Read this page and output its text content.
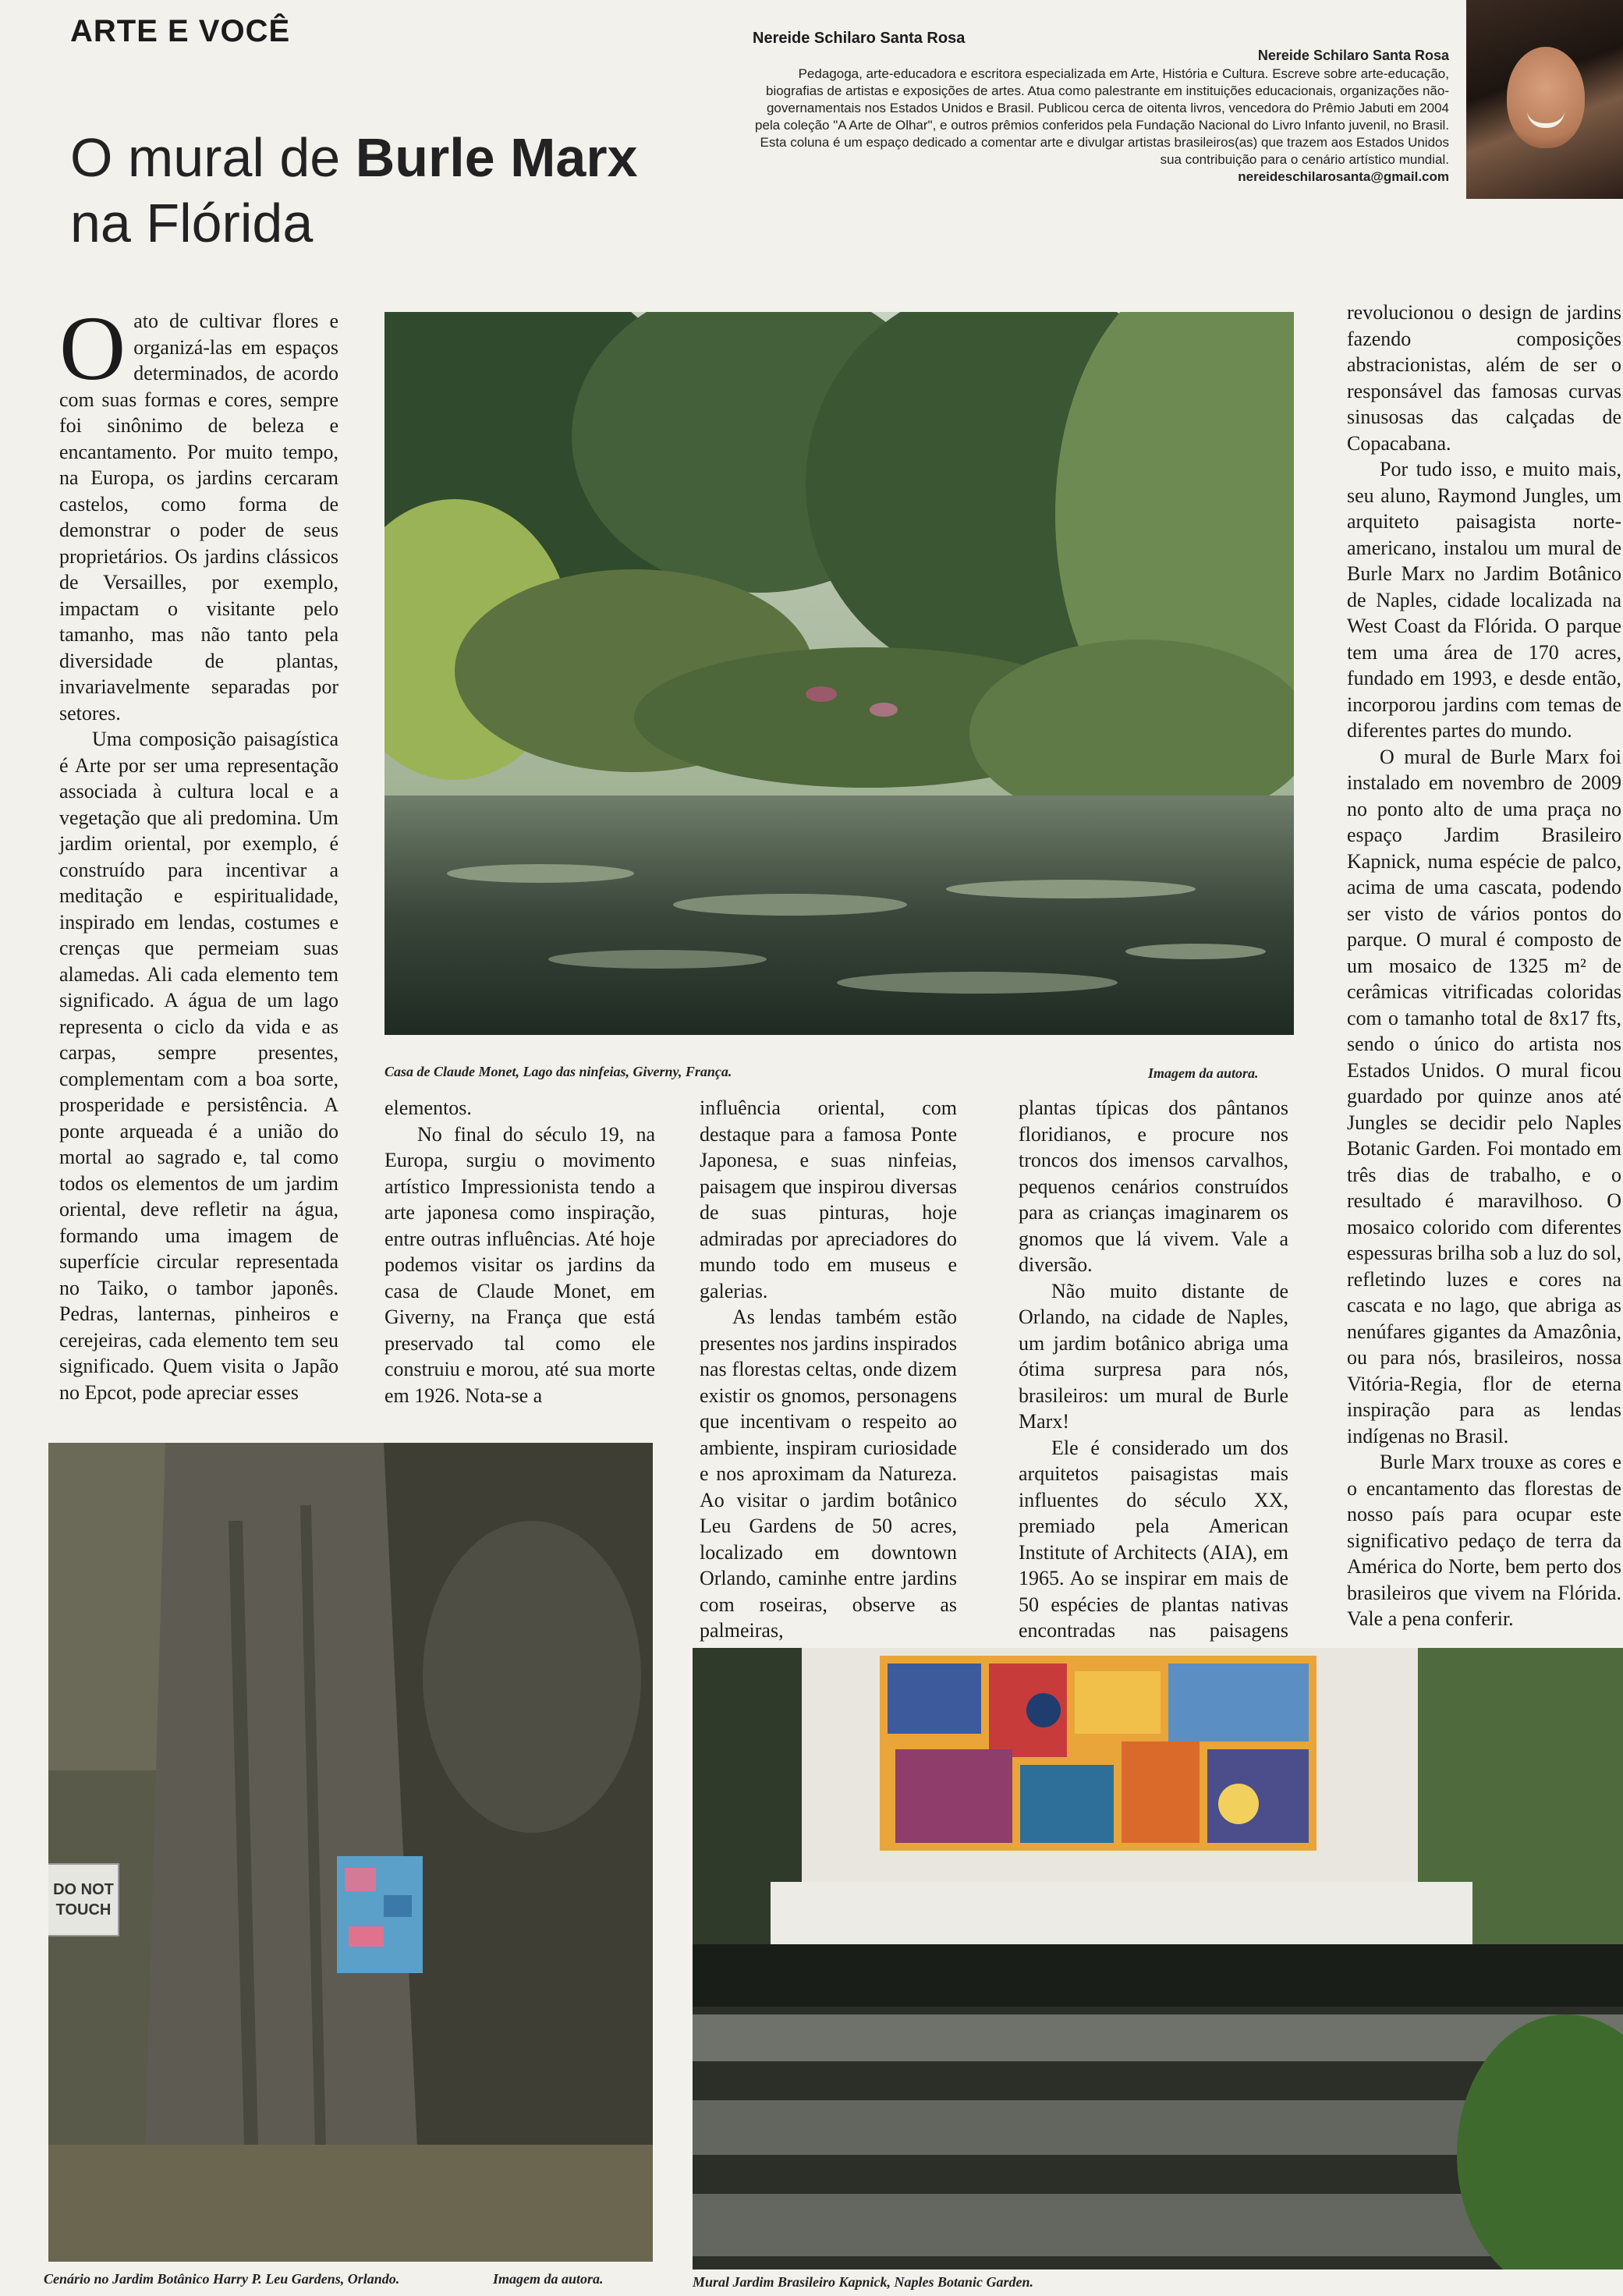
ARTE E VOCÊ
O mural de Burle Marx
na Flórida
Nereide Schilaro Santa Rosa
Nereide Schilaro Santa Rosa
Pedagoga, arte-educadora e escritora especializada em Arte, História e Cultura. Escreve sobre arte-educação, biografias de artistas e exposições de artes. Atua como palestrante em instituições educacionais, organizações não-governamentais nos Estados Unidos e Brasil. Publicou cerca de oitenta livros, vencedora do Prêmio Jabuti em 2004 pela coleção "A Arte de Olhar", e outros prêmios conferidos pela Fundação Nacional do Livro Infanto juvenil, no Brasil. Esta coluna é um espaço dedicado a comentar arte e divulgar artistas brasileiros(as) que trazem aos Estados Unidos sua contribuição para o cenário artístico mundial.
nereideschilarosanta@gmail.com

Oato de cultivar flores e organizá-las em espaços determinados, de acordo com suas formas e cores, sempre foi sinônimo de beleza e encantamento. Por muito tempo, na Europa, os jardins cercaram castelos, como forma de demonstrar o poder de seus proprietários. Os jardins clássicos de Versailles, por exemplo, impactam o visitante pelo tamanho, mas não tanto pela diversidade de plantas, invariavelmente separadas por setores.

Uma composição paisagística é Arte por ser uma representação associada à cultura local e a vegetação que ali predomina. Um jardim oriental, por exemplo, é construído para incentivar a meditação e espiritualidade, inspirado em lendas, costumes e crenças que permeiam suas alamedas. Ali cada elemento tem significado. A água de um lago representa o ciclo da vida e as carpas, sempre presentes, complementam com a boa sorte, prosperidade e persistência. A ponte arqueada é a união do mortal ao sagrado e, tal como todos os elementos de um jardim oriental, deve refletir na água, formando uma imagem de superfície circular representada no Taiko, o tambor japonês. Pedras, lanternas, pinheiros e cerejeiras, cada elemento tem seu significado. Quem visita o Japão no Epcot, pode apreciar esses

Casa de Claude Monet, Lago das ninfeias, Giverny, França.	Imagem da autora.

elementos.

No final do século 19, na Europa, surgiu o movimento artístico Impressionista tendo a arte japonesa como inspiração, entre outras influências. Até hoje podemos visitar os jardins da casa de Claude Monet, em Giverny, na França que está preservado tal como ele construiu e morou, até sua morte em 1926. Nota-se a

influência oriental, com destaque para a famosa Ponte Japonesa, e suas ninfeias, paisagem que inspirou diversas de suas pinturas, hoje admiradas por apreciadores do mundo todo em museus e galerias.

As lendas também estão presentes nos jardins inspirados nas florestas celtas, onde dizem existir os gnomos, personagens que incentivam o respeito ao ambiente, inspiram curiosidade e nos aproximam da Natureza. Ao visitar o jardim botânico Leu Gardens de 50 acres, localizado em downtown Orlando, caminhe entre jardins com roseiras, observe as palmeiras,

plantas típicas dos pântanos floridianos, e procure nos troncos dos imensos carvalhos, pequenos cenários construídos para as crianças imaginarem os gnomos que lá vivem. Vale a diversão.

Não muito distante de Orlando, na cidade de Naples, um jardim botânico abriga uma ótima surpresa para nós, brasileiros: um mural de Burle Marx!

Ele é considerado um dos arquitetos paisagistas mais influentes do século XX, premiado pela American Institute of Architects (AIA), em 1965. Ao se inspirar em mais de 50 espécies de plantas nativas encontradas nas paisagens

revolucionou o design de jardins fazendo composições abstracionistas, além de ser o responsável das famosas curvas sinusosas das calçadas de Copacabana.

Por tudo isso, e muito mais, seu aluno, Raymond Jungles, um arquiteto paisagista norte-americano, instalou um mural de Burle Marx no Jardim Botânico de Naples, cidade localizada na West Coast da Flórida. O parque tem uma área de 170 acres, fundado em 1993, e desde então, incorporou jardins com temas de diferentes partes do mundo.

O mural de Burle Marx foi instalado em novembro de 2009 no ponto alto de uma praça no espaço Jardim Brasileiro Kapnick, numa espécie de palco, acima de uma cascata, podendo ser visto de vários pontos do parque. O mural é composto de um mosaico de 1325 m² de cerâmicas vitrificadas coloridas com o tamanho total de 8x17 fts, sendo o único do artista nos Estados Unidos. O mural ficou guardado por quinze anos até Jungles se decidir pelo Naples Botanic Garden. Foi montado em três dias de trabalho, e o resultado é maravilhoso. O mosaico colorido com diferentes espessuras brilha sob a luz do sol, refletindo luzes e cores na cascata e no lago, que abriga as nenúfares gigantes da Amazônia, ou para nós, brasileiros, nossa Vitória-Regia, flor de eterna inspiração para as lendas indígenas no Brasil.

Burle Marx trouxe as cores e o encantamento das florestas de nosso país para ocupar este significativo pedaço de terra da América do Norte, bem perto dos brasileiros que vivem na Flórida. Vale a pena conferir.

DO NOT TOUCH
Cenário no Jardim Botânico Harry P. Leu Gardens, Orlando.	Imagem da autora.	Mural Jardim Brasileiro Kapnick, Naples Botanic Garden.
